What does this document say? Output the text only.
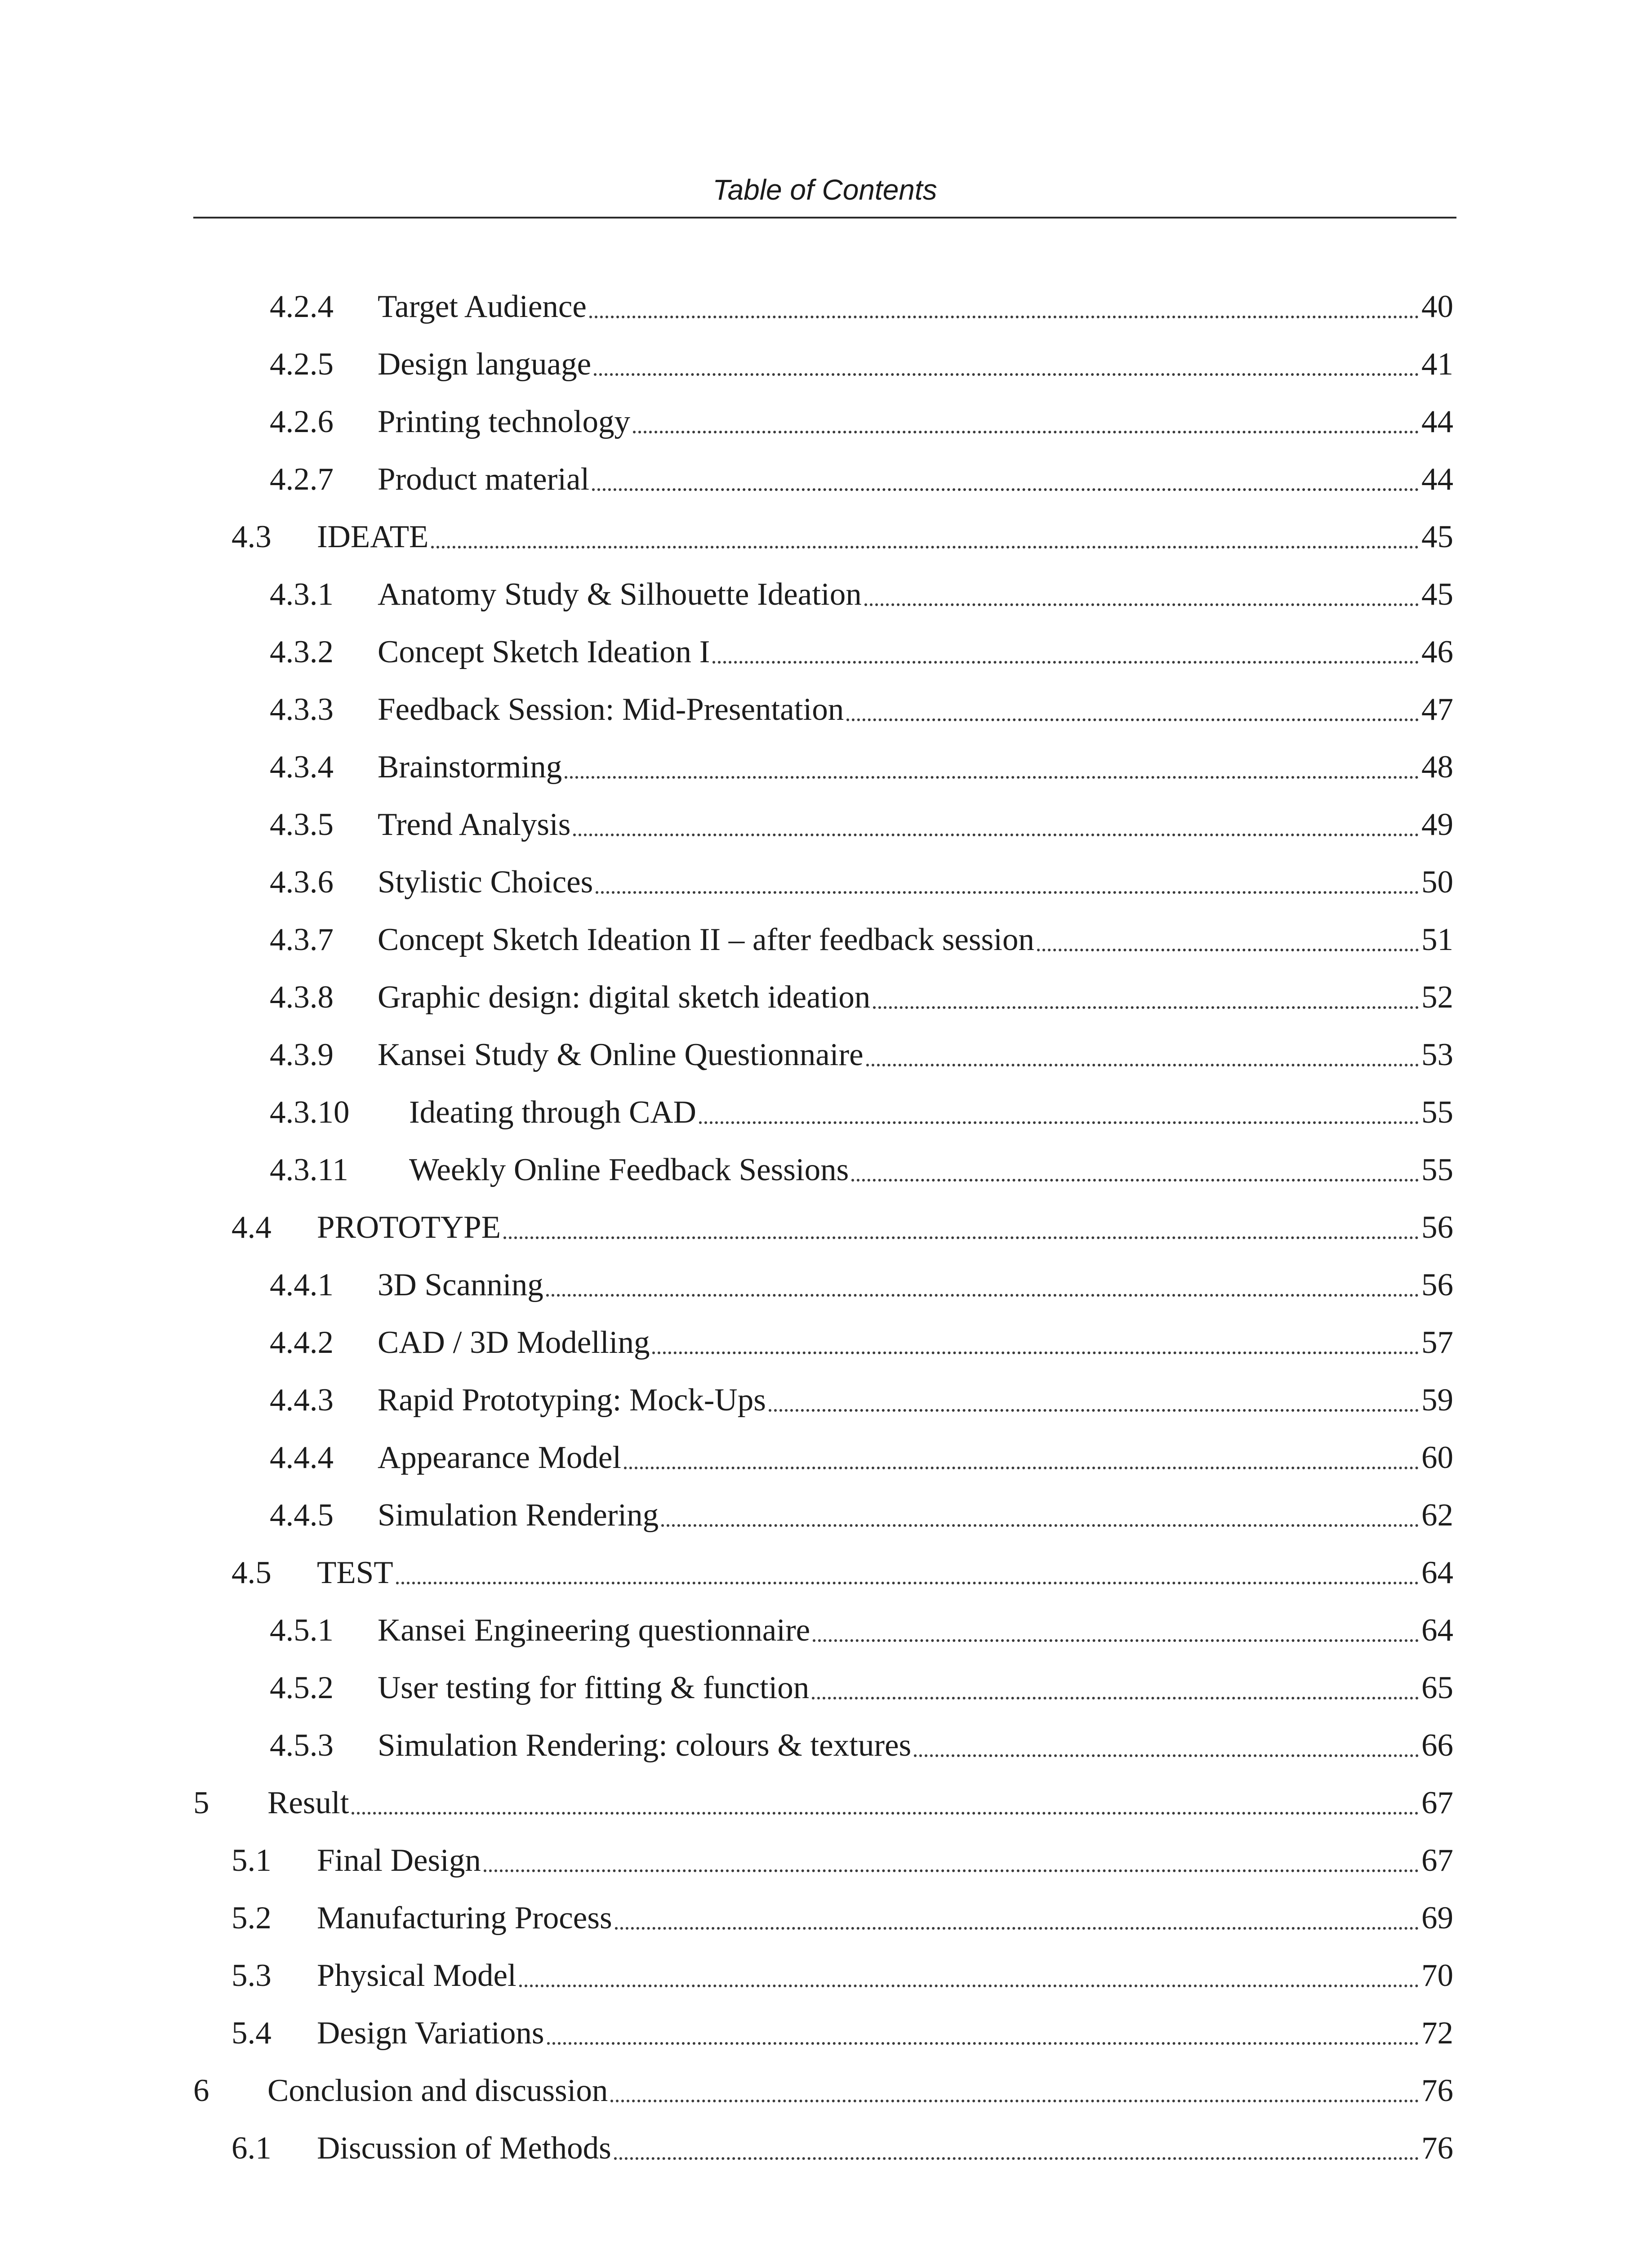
Table of Contents
4.2.4 Target Audience	40
4.2.5 Design language	41
4.2.6 Printing technology	44
4.2.7 Product material	44
4.3 IDEATE	45
4.3.1 Anatomy Study & Silhouette Ideation	45
4.3.2 Concept Sketch Ideation I	46
4.3.3 Feedback Session: Mid-Presentation	47
4.3.4 Brainstorming	48
4.3.5 Trend Analysis	49
4.3.6 Stylistic Choices	50
4.3.7 Concept Sketch Ideation II – after feedback session	51
4.3.8 Graphic design: digital sketch ideation	52
4.3.9 Kansei Study & Online Questionnaire	53
4.3.10 Ideating through CAD	55
4.3.11 Weekly Online Feedback Sessions	55
4.4 PROTOTYPE	56
4.4.1 3D Scanning	56
4.4.2 CAD / 3D Modelling	57
4.4.3 Rapid Prototyping: Mock-Ups	59
4.4.4 Appearance Model	60
4.4.5 Simulation Rendering	62
4.5 TEST	64
4.5.1 Kansei Engineering questionnaire	64
4.5.2 User testing for fitting & function	65
4.5.3 Simulation Rendering: colours & textures	66
5 Result	67
5.1 Final Design	67
5.2 Manufacturing Process	69
5.3 Physical Model	70
5.4 Design Variations	72
6 Conclusion and discussion	76
6.1 Discussion of Methods	76
